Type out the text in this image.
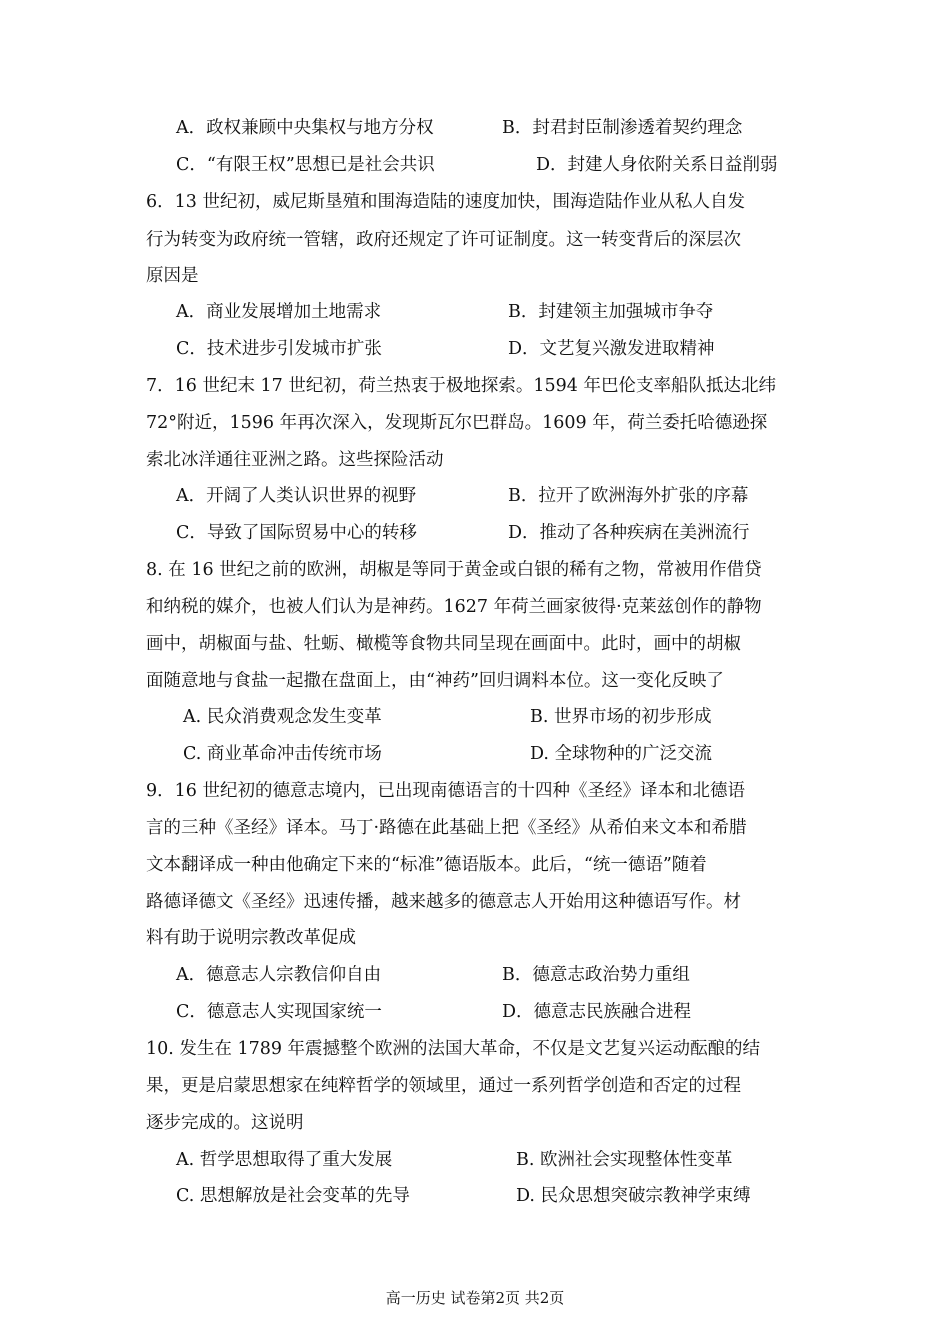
A．政权兼顾中央集权与地方分权	B．封君封臣制渗透着契约理念
C．“有限王权”思想已是社会共识	D．封建人身依附关系日益削弱
6．13 世纪初，威尼斯垦殖和围海造陆的速度加快，围海造陆作业从私人自发
行为转变为政府统一管辖，政府还规定了许可证制度。这一转变背后的深层次
原因是
A．商业发展增加土地需求	B．封建领主加强城市争夺
C．技术进步引发城市扩张	D．文艺复兴激发进取精神
7．16 世纪末 17 世纪初，荷兰热衷于极地探索。1594 年巴伦支率船队抵达北纬
72°附近，1596 年再次深入，发现斯瓦尔巴群岛。1609 年，荷兰委托哈德逊探
索北冰洋通往亚洲之路。这些探险活动
A．开阔了人类认识世界的视野	B．拉开了欧洲海外扩张的序幕
C．导致了国际贸易中心的转移	D．推动了各种疾病在美洲流行
8. 在 16 世纪之前的欧洲，胡椒是等同于黄金或白银的稀有之物，常被用作借贷
和纳税的媒介，也被人们认为是神药。1627 年荷兰画家彼得·克莱兹创作的静物
画中，胡椒面与盐、牡蛎、橄榄等食物共同呈现在画面中。此时，画中的胡椒
面随意地与食盐一起撒在盘面上，由“神药”回归调料本位。这一变化反映了
A. 民众消费观念发生变革	B. 世界市场的初步形成
C. 商业革命冲击传统市场	D. 全球物种的广泛交流
9．16 世纪初的德意志境内，已出现南德语言的十四种《圣经》译本和北德语
言的三种《圣经》译本。马丁·路德在此基础上把《圣经》从希伯来文本和希腊
文本翻译成一种由他确定下来的“标准”德语版本。此后，“统一德语”随着
路德译德文《圣经》迅速传播，越来越多的德意志人开始用这种德语写作。材
料有助于说明宗教改革促成
A．德意志人宗教信仰自由	B．德意志政治势力重组
C．德意志人实现国家统一	D．德意志民族融合进程
10. 发生在 1789 年震撼整个欧洲的法国大革命，不仅是文艺复兴运动酝酿的结
果，更是启蒙思想家在纯粹哲学的领域里，通过一系列哲学创造和否定的过程
逐步完成的。这说明
A. 哲学思想取得了重大发展	B. 欧洲社会实现整体性变革
C. 思想解放是社会变革的先导	D. 民众思想突破宗教神学束缚
高一历史 试卷第2页 共2页
